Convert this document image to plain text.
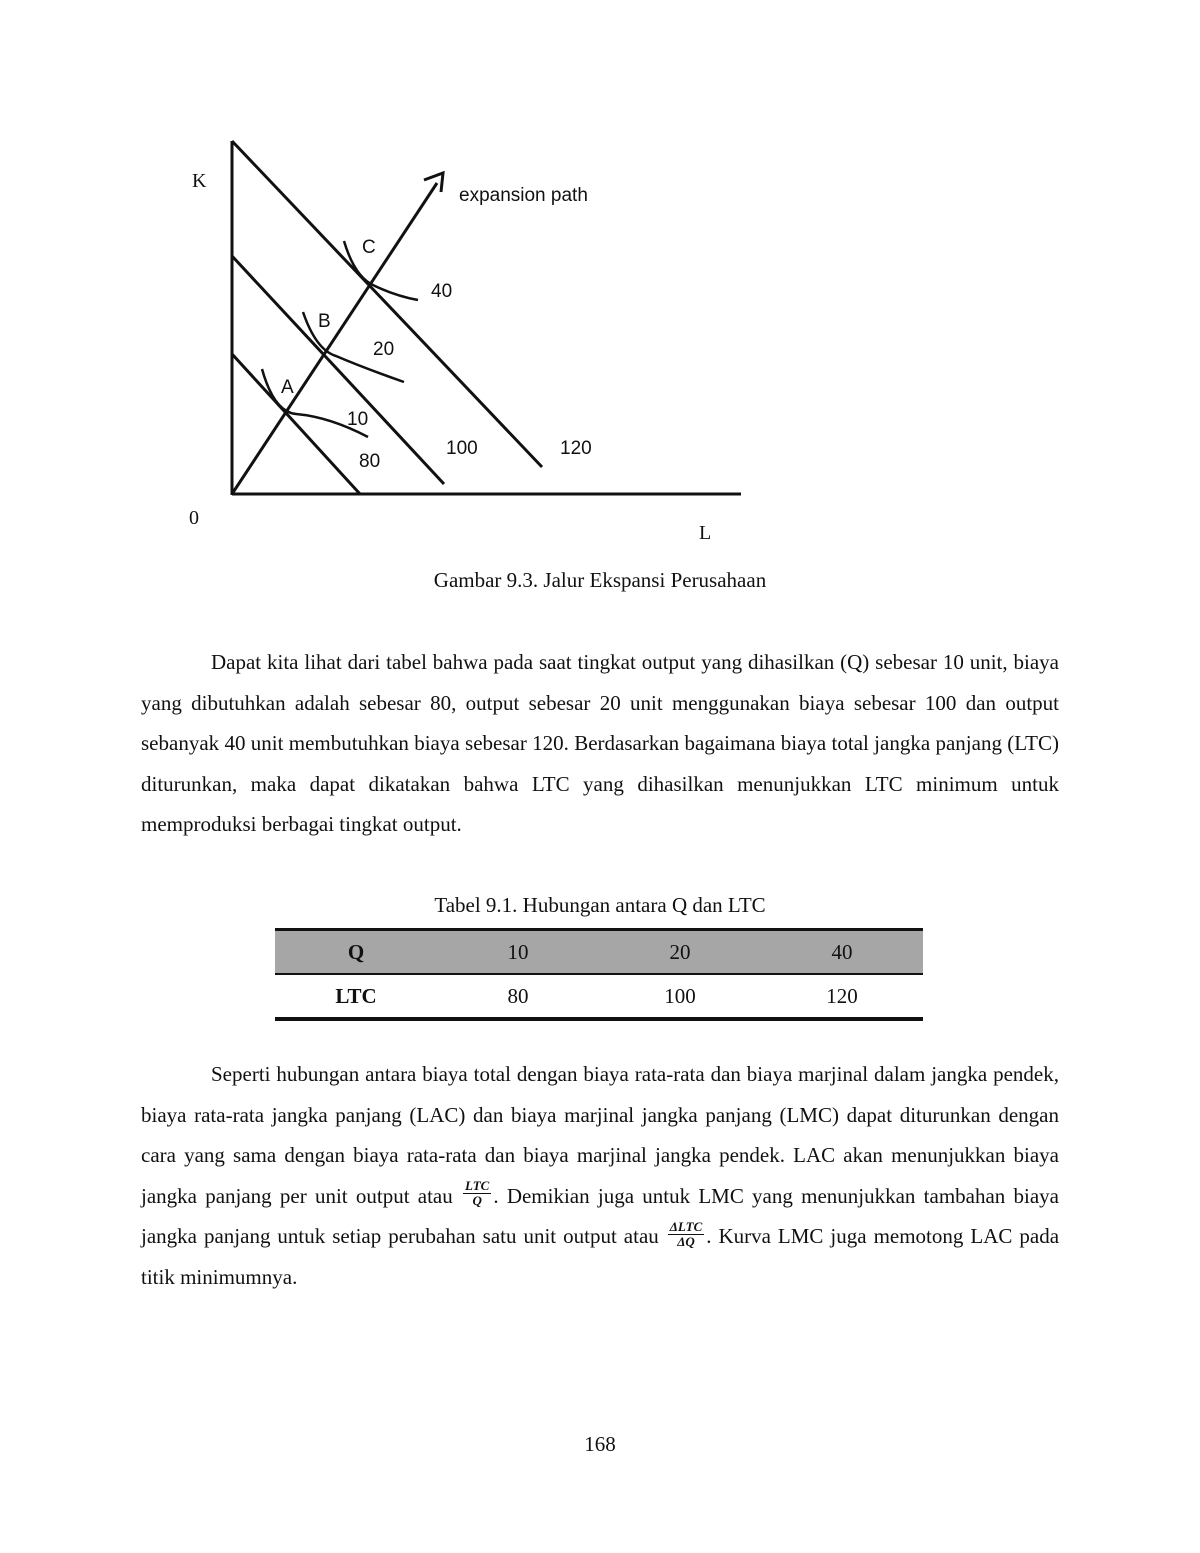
K
0
L
expansion path
A
B
C
10
20
40
80
100	120
Gambar 9.3. Jalur Ekspansi Perusahaan

Dapat kita lihat dari tabel bahwa pada saat tingkat output yang dihasilkan (Q) sebesar 10 unit, biaya yang dibutuhkan adalah sebesar 80, output sebesar 20 unit menggunakan biaya sebesar 100 dan output sebanyak 40 unit membutuhkan biaya sebesar 120. Berdasarkan bagaimana biaya total jangka panjang (LTC) diturunkan, maka dapat dikatakan bahwa LTC yang dihasilkan menunjukkan LTC minimum untuk memproduksi berbagai tingkat output.

Tabel 9.1. Hubungan antara Q dan LTC
Q	10	20	40
LTC	80	100	120

Seperti hubungan antara biaya total dengan biaya rata-rata dan biaya marjinal dalam jangka pendek, biaya rata-rata jangka panjang (LAC) dan biaya marjinal jangka panjang (LMC) dapat diturunkan dengan cara yang sama dengan biaya rata-rata dan biaya marjinal jangka pendek. LAC akan menunjukkan biaya jangka panjang per unit output atau $\frac{\text{LTC}}{Q}$ . Demikian juga untuk LMC yang menunjukkan tambahan biaya jangka panjang untuk setiap perubahan satu unit output atau $\frac{\text{ΔLTC}}{\Delta Q}$ . Kurva LMC juga memotong LAC pada titik minimumnya.

168
